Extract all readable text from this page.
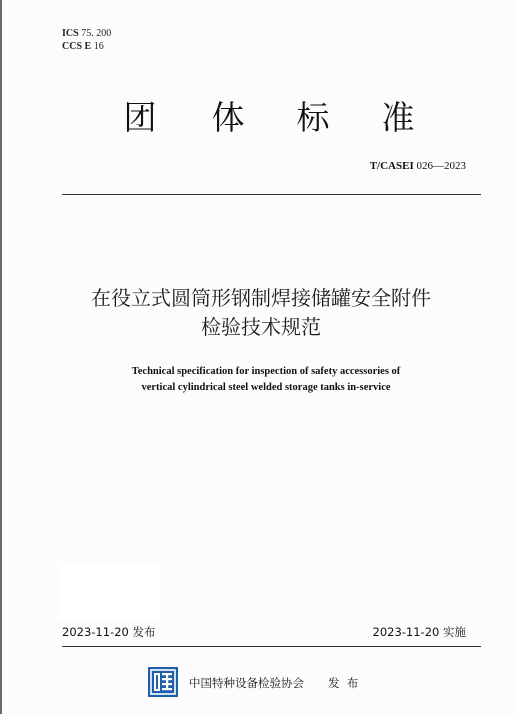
ICS 75. 200
CCS E 16
团 体 标 准
T/CASEI 026—2023
在役立式圆筒形钢制焊接储罐安全附件
检验技术规范
Technical specification for inspection of safety accessories of
vertical cylindrical steel welded storage tanks in-service
2023-11-20 发布	2023-11-20 实施
中国特种设备检验协会 发  布
